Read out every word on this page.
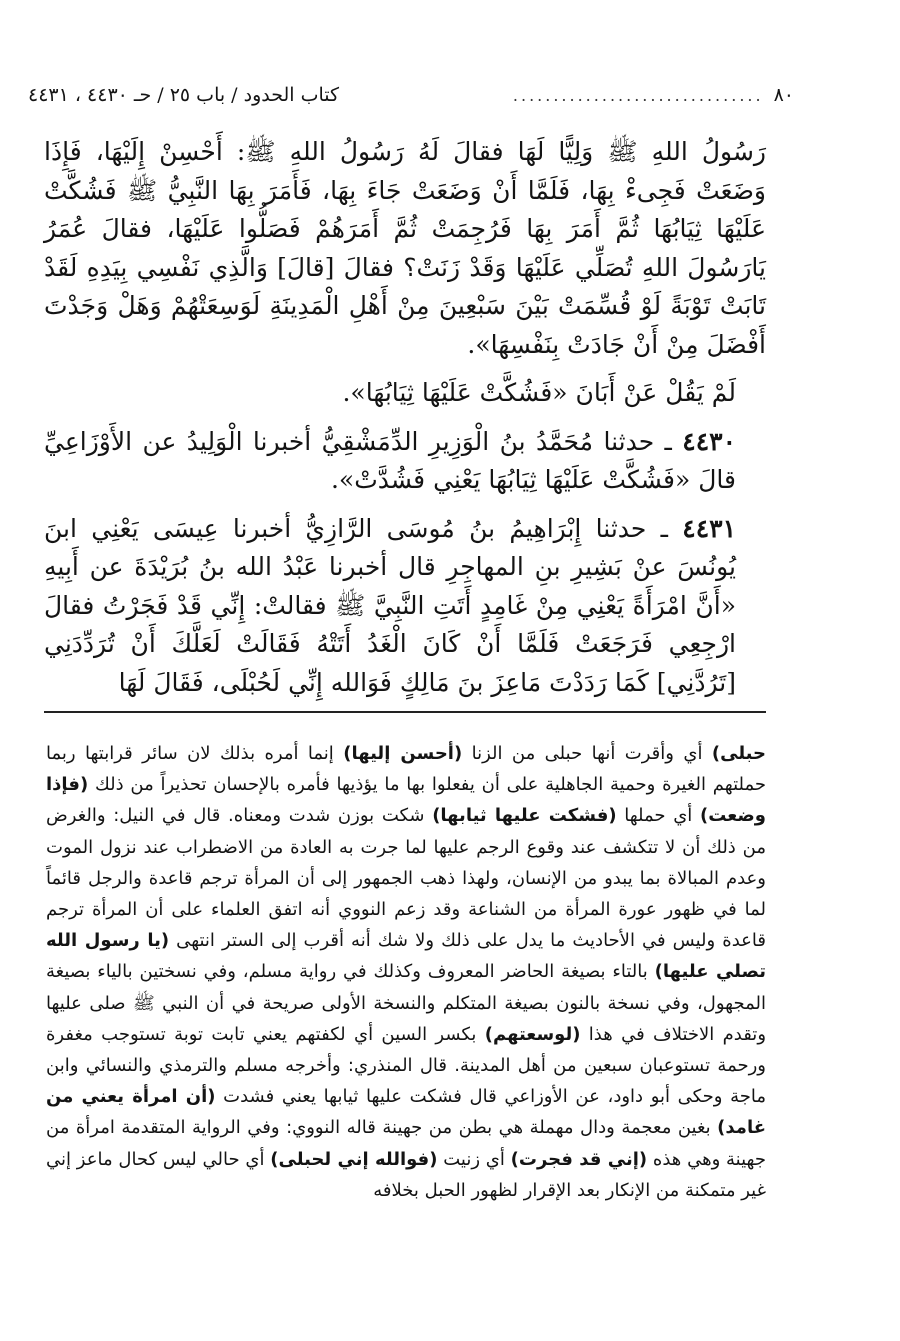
٨٠
...............................
كتاب الحدود / باب ٢٥ / حـ ٤٤٣٠ ، ٤٤٣١

رَسُولُ اللهِ ﷺ وَلِيًّا لَهَا فقالَ لَهُ رَسُولُ اللهِ ﷺ: أَحْسِنْ إِلَيْهَا، فَإِذَا وَضَعَتْ فَجِىءْ بِهَا، فَلَمَّا أَنْ وَضَعَتْ جَاءَ بِهَا، فَأَمَرَ بِهَا النَّبِيُّ ﷺ فَشُكَّتْ عَلَيْهَا ثِيَابُهَا ثُمَّ أَمَرَ بِهَا فَرُجِمَتْ ثُمَّ أَمَرَهُمْ فَصَلُّوا عَلَيْهَا، فقالَ عُمَرُ يَارَسُولَ اللهِ تُصَلِّي عَلَيْهَا وَقَدْ زَنَتْ؟ فقالَ [قالَ] وَالَّذِي نَفْسِي بِيَدِهِ لَقَدْ تَابَتْ تَوْبَةً لَوْ قُسِّمَتْ بَيْنَ سَبْعِينَ مِنْ أَهْلِ الْمَدِينَةِ لَوَسِعَتْهُمْ وَهَلْ وَجَدْتَ أَفْضَلَ مِنْ أَنْ جَادَتْ بِنَفْسِهَا».

لَمْ يَقُلْ عَنْ أَبَانَ «فَشُكَّتْ عَلَيْهَا ثِيَابُهَا».

٤٤٣٠ ـ حدثنا مُحَمَّدُ بنُ الْوَزِيرِ الدِّمَشْقِيُّ أخبرنا الْوَلِيدُ عن الأَوْزَاعِيِّ قالَ «فَشُكَّتْ عَلَيْهَا ثِيَابُهَا يَعْنِي فَشُدَّتْ».

٤٤٣١ ـ حدثنا إِبْرَاهِيمُ بنُ مُوسَى الرَّازِيُّ أخبرنا عِيسَى يَعْنِي ابنَ يُونُسَ عنْ بَشِيرِ بنِ المهاجِرِ قال أخبرنا عَبْدُ الله بنُ بُرَيْدَةَ عن أَبِيهِ «أَنَّ امْرَأَةً يَعْنِي مِنْ غَامِدٍ أَتَتِ النَّبِيَّ ﷺ فقالتْ: إِنِّي قَدْ فَجَرْتُ فقالَ ارْجِعِي فَرَجَعَتْ فَلَمَّا أَنْ كَانَ الْغَدُ أَتَتْهُ فَقَالَتْ لَعَلَّكَ أَنْ تُرَدِّدَنِي [تَرُدَّنِي] كَمَا رَدَدْتَ مَاعِزَ بنَ مَالِكٍ فَوَالله إِنِّي لَحُبْلَى، فَقَالَ لَهَا

حبلى) أي وأقرت أنها حبلى من الزنا (أحسن إليها) إنما أمره بذلك لان سائر قرابتها ربما حملتهم الغيرة وحمية الجاهلية على أن يفعلوا بها ما يؤذيها فأمره بالإحسان تحذيراً من ذلك (فإذا وضعت) أي حملها (فشكت عليها ثيابها) شكت بوزن شدت ومعناه. قال في النيل: والغرض من ذلك أن لا تتكشف عند وقوع الرجم عليها لما جرت به العادة من الاضطراب عند نزول الموت وعدم المبالاة بما يبدو من الإنسان، ولهذا ذهب الجمهور إلى أن المرأة ترجم قاعدة والرجل قائماً لما في ظهور عورة المرأة من الشناعة وقد زعم النووي أنه اتفق العلماء على أن المرأة ترجم قاعدة وليس في الأحاديث ما يدل على ذلك ولا شك أنه أقرب إلى الستر انتهى (يا رسول الله تصلي عليها) بالتاء بصيغة الحاضر المعروف وكذلك في رواية مسلم، وفي نسختين بالياء بصيغة المجهول، وفي نسخة بالنون بصيغة المتكلم والنسخة الأولى صريحة في أن النبي ﷺ صلى عليها وتقدم الاختلاف في هذا (لوسعتهم) بكسر السين أي لكفتهم يعني تابت توبة تستوجب مغفرة ورحمة تستوعبان سبعين من أهل المدينة. قال المنذري: وأخرجه مسلم والترمذي والنسائي وابن ماجة وحكى أبو داود، عن الأوزاعي قال فشكت عليها ثيابها يعني فشدت (أن امرأة يعني من غامد) بغين معجمة ودال مهملة هي بطن من جهينة قاله النووي: وفي الرواية المتقدمة امرأة من جهينة وهي هذه (إني قد فجرت) أي زنيت (فوالله إني لحبلى) أي حالي ليس كحال ماعز إني غير متمكنة من الإنكار بعد الإقرار لظهور الحبل بخلافه
